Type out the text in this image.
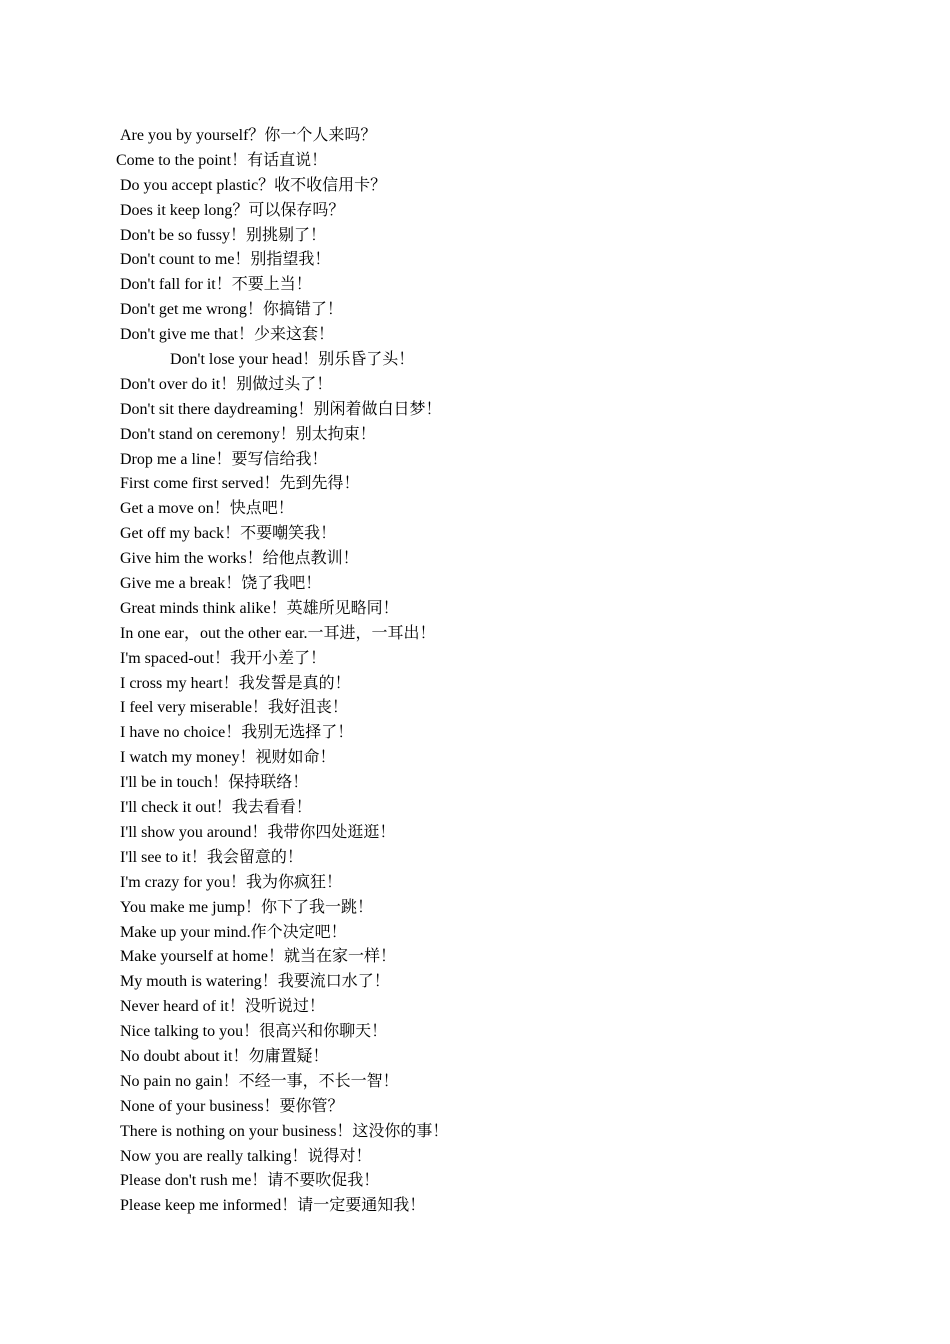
Are you by yourself？你一个人来吗？
Come to the point！有话直说！
Do you accept plastic？收不收信用卡？
Does it keep long？可以保存吗？
Don't be so fussy！别挑剔了！
Don't count to me！别指望我！
Don't fall for it！不要上当！
Don't get me wrong！你搞错了！
Don't give me that！少来这套！
Don't lose your head！别乐昏了头！
Don't over do it！别做过头了！
Don't sit there daydreaming！别闲着做白日梦！
Don't stand on ceremony！别太拘束！
Drop me a line！要写信给我！
First come first served！先到先得！
Get a move on！快点吧！
Get off my back！不要嘲笑我！
Give him the works！给他点教训！
Give me a break！饶了我吧！
Great minds think alike！英雄所见略同！
In one ear，out the other ear.一耳进，一耳出！
I'm spaced-out！我开小差了！
I cross my heart！我发誓是真的！
I feel very miserable！我好沮丧！
I have no choice！我别无选择了！
I watch my money！视财如命！
I'll be in touch！保持联络！
I'll check it out！我去看看！
I'll show you around！我带你四处逛逛！
I'll see to it！我会留意的！
I'm crazy for you！我为你疯狂！
You make me jump！你下了我一跳！
Make up your mind.作个决定吧！
Make yourself at home！就当在家一样！
My mouth is watering！我要流口水了！
Never heard of it！没听说过！
Nice talking to you！很高兴和你聊天！
No doubt about it！勿庸置疑！
No pain no gain！不经一事，不长一智！
None of your business！要你管？
There is nothing on your business！这没你的事！
Now you are really talking！说得对！
Please don't rush me！请不要吹促我！
Please keep me informed！请一定要通知我！
